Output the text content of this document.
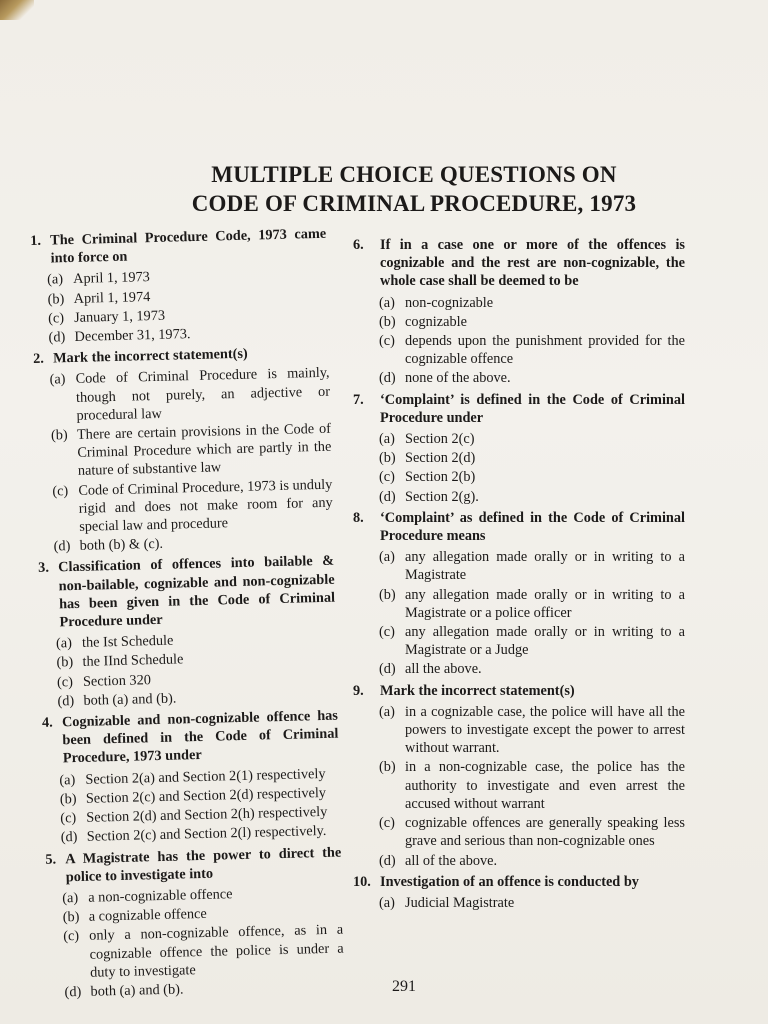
MULTIPLE CHOICE QUESTIONS ON
CODE OF CRIMINAL PROCEDURE, 1973
1. The Criminal Procedure Code, 1973 came into force on
(a) April 1, 1973
(b) April 1, 1974
(c) January 1, 1973
(d) December 31, 1973.
2. Mark the incorrect statement(s)
(a) Code of Criminal Procedure is mainly, though not purely, an adjective or procedural law
(b) There are certain provisions in the Code of Criminal Procedure which are partly in the nature of substantive law
(c) Code of Criminal Procedure, 1973 is unduly rigid and does not make room for any special law and procedure
(d) both (b) & (c).
3. Classification of offences into bailable & non-bailable, cognizable and non-cognizable has been given in the Code of Criminal Procedure under
(a) the Ist Schedule
(b) the IInd Schedule
(c) Section 320
(d) both (a) and (b).
4. Cognizable and non-cognizable offence has been defined in the Code of Criminal Procedure, 1973 under
(a) Section 2(a) and Section 2(1) respectively
(b) Section 2(c) and Section 2(d) respectively
(c) Section 2(d) and Section 2(h) respectively
(d) Section 2(c) and Section 2(l) respectively.
5. A Magistrate has the power to direct the police to investigate into
(a) a non-cognizable offence
(b) a cognizable offence
(c) only a non-cognizable offence, as in a cognizable offence the police is under a duty to investigate
(d) both (a) and (b).
6.	If in a case one or more of the offences is cognizable and the rest are non-cognizable, the whole case shall be deemed to be
(a) non-cognizable
(b) cognizable
(c) depends upon the punishment provided for the cognizable offence
(d) none of the above.
7.	‘Complaint’ is defined in the Code of Criminal Procedure under
(a) Section 2(c)
(b) Section 2(d)
(c) Section 2(b)
(d) Section 2(g).
8.	‘Complaint’ as defined in the Code of Criminal Procedure means
(a) any allegation made orally or in writing to a Magistrate
(b) any allegation made orally or in writing to a Magistrate or a police officer
(c) any allegation made orally or in writing to a Magistrate or a Judge
(d) all the above.
9.	Mark the incorrect statement(s)
(a) in a cognizable case, the police will have all the powers to investigate except the power to arrest without warrant.
(b) in a non-cognizable case, the police has the authority to investigate and even arrest the accused without warrant
(c) cognizable offences are generally speaking less grave and serious than non-cognizable ones
(d) all of the above.
10. Investigation of an offence is conducted by
(a) Judicial Magistrate
291
